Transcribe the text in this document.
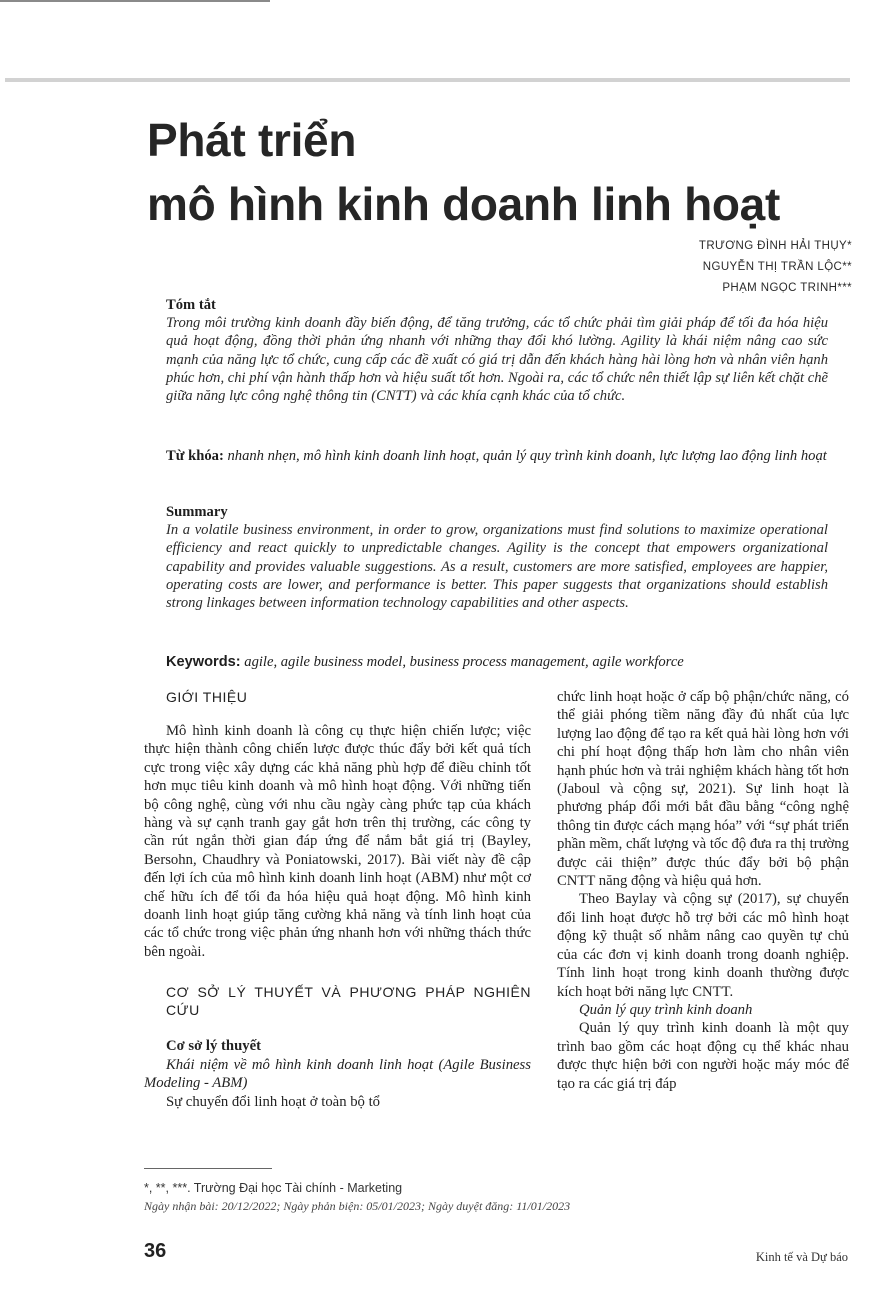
Phát triển
mô hình kinh doanh linh hoạt
TRƯƠNG ĐÌNH HẢI THỤY*
NGUYỄN THỊ TRẦN LỘC**
PHẠM NGỌC TRINH***
Tóm tắt
Trong môi trường kinh doanh đầy biến động, để tăng trưởng, các tổ chức phải tìm giải pháp để tối đa hóa hiệu quả hoạt động, đồng thời phản ứng nhanh với những thay đổi khó lường. Agility là khái niệm nâng cao sức mạnh của năng lực tổ chức, cung cấp các đề xuất có giá trị dẫn đến khách hàng hài lòng hơn và nhân viên hạnh phúc hơn, chi phí vận hành thấp hơn và hiệu suất tốt hơn. Ngoài ra, các tổ chức nên thiết lập sự liên kết chặt chẽ giữa năng lực công nghệ thông tin (CNTT) và các khía cạnh khác của tổ chức.
Từ khóa: nhanh nhẹn, mô hình kinh doanh linh hoạt, quản lý quy trình kinh doanh, lực lượng lao động linh hoạt
Summary
In a volatile business environment, in order to grow, organizations must find solutions to maximize operational efficiency and react quickly to unpredictable changes. Agility is the concept that empowers organizational capability and provides valuable suggestions. As a result, customers are more satisfied, employees are happier, operating costs are lower, and performance is better. This paper suggests that organizations should establish strong linkages between information technology capabilities and other aspects.
Keywords: agile, agile business model, business process management, agile workforce

GIỚI THIỆU

Mô hình kinh doanh là công cụ thực hiện chiến lược; việc thực hiện thành công chiến lược được thúc đẩy bởi kết quả tích cực trong việc xây dựng các khả năng phù hợp để điều chỉnh tốt hơn mục tiêu kinh doanh và mô hình hoạt động. Với những tiến bộ công nghệ, cùng với nhu cầu ngày càng phức tạp của khách hàng và sự cạnh tranh gay gắt hơn trên thị trường, các công ty cần rút ngắn thời gian đáp ứng để nắm bắt giá trị (Bayley, Bersohn, Chaudhry và Poniatowski, 2017). Bài viết này đề cập đến lợi ích của mô hình kinh doanh linh hoạt (ABM) như một cơ chế hữu ích để tối đa hóa hiệu quả hoạt động. Mô hình kinh doanh linh hoạt giúp tăng cường khả năng và tính linh hoạt của các tổ chức trong việc phản ứng nhanh hơn với những thách thức bên ngoài.

CƠ SỞ LÝ THUYẾT VÀ PHƯƠNG PHÁP NGHIÊN CỨU

Cơ sở lý thuyết

Khái niệm về mô hình kinh doanh linh hoạt (Agile Business Modeling - ABM)

Sự chuyển đổi linh hoạt ở toàn bộ tổ

chức linh hoạt hoặc ở cấp bộ phận/chức năng, có thể giải phóng tiềm năng đầy đủ nhất của lực lượng lao động để tạo ra kết quả hài lòng hơn với chi phí hoạt động thấp hơn làm cho nhân viên hạnh phúc hơn và trải nghiệm khách hàng tốt hơn (Jaboul và cộng sự, 2021). Sự linh hoạt là phương pháp đổi mới bắt đầu bằng “công nghệ thông tin được cách mạng hóa” với “sự phát triển phần mềm, chất lượng và tốc độ đưa ra thị trường được cải thiện” được thúc đẩy bởi bộ phận CNTT năng động và hiệu quả hơn.

Theo Baylay và cộng sự (2017), sự chuyển đổi linh hoạt được hỗ trợ bởi các mô hình hoạt động kỹ thuật số nhằm nâng cao quyền tự chủ của các đơn vị kinh doanh trong doanh nghiệp. Tính linh hoạt trong kinh doanh thường được kích hoạt bởi năng lực CNTT.

Quản lý quy trình kinh doanh

Quản lý quy trình kinh doanh là một quy trình bao gồm các hoạt động cụ thể khác nhau được thực hiện bởi con người hoặc máy móc để tạo ra các giá trị đáp

*, **, ***. Trường Đại học Tài chính - Marketing
Ngày nhận bài: 20/12/2022; Ngày phản biện: 05/01/2023; Ngày duyệt đăng: 11/01/2023
36	Kinh tế và Dự báo
